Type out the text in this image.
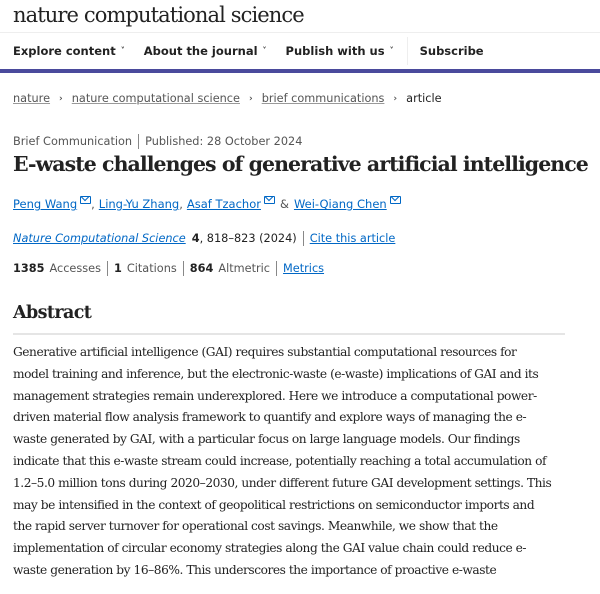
nature computational science
Explore content ˅ About the journal ˅ Publish with us ˅ Subscribe
nature › nature computational science › brief communications › article
Brief Communication Published: 28 October 2024
E-waste challenges of generative artificial intelligence
Peng Wang , Ling-Yu Zhang , Asaf Tzachor & Wei-Qiang Chen
Nature Computational Science 4 , 818–823 (2024) Cite this article
1385 Accesses 1 Citations 864 Altmetric Metrics
Abstract
Generative artificial intelligence (GAI) requires substantial computational resources for
model training and inference, but the electronic-waste (e-waste) implications of GAI and its
management strategies remain underexplored. Here we introduce a computational power-
driven material flow analysis framework to quantify and explore ways of managing the e-
waste generated by GAI, with a particular focus on large language models. Our findings
indicate that this e-waste stream could increase, potentially reaching a total accumulation of
1.2–5.0 million tons during 2020–2030, under different future GAI development settings. This
may be intensified in the context of geopolitical restrictions on semiconductor imports and
the rapid server turnover for operational cost savings. Meanwhile, we show that the
implementation of circular economy strategies along the GAI value chain could reduce e-
waste generation by 16–86%. This underscores the importance of proactive e-waste
